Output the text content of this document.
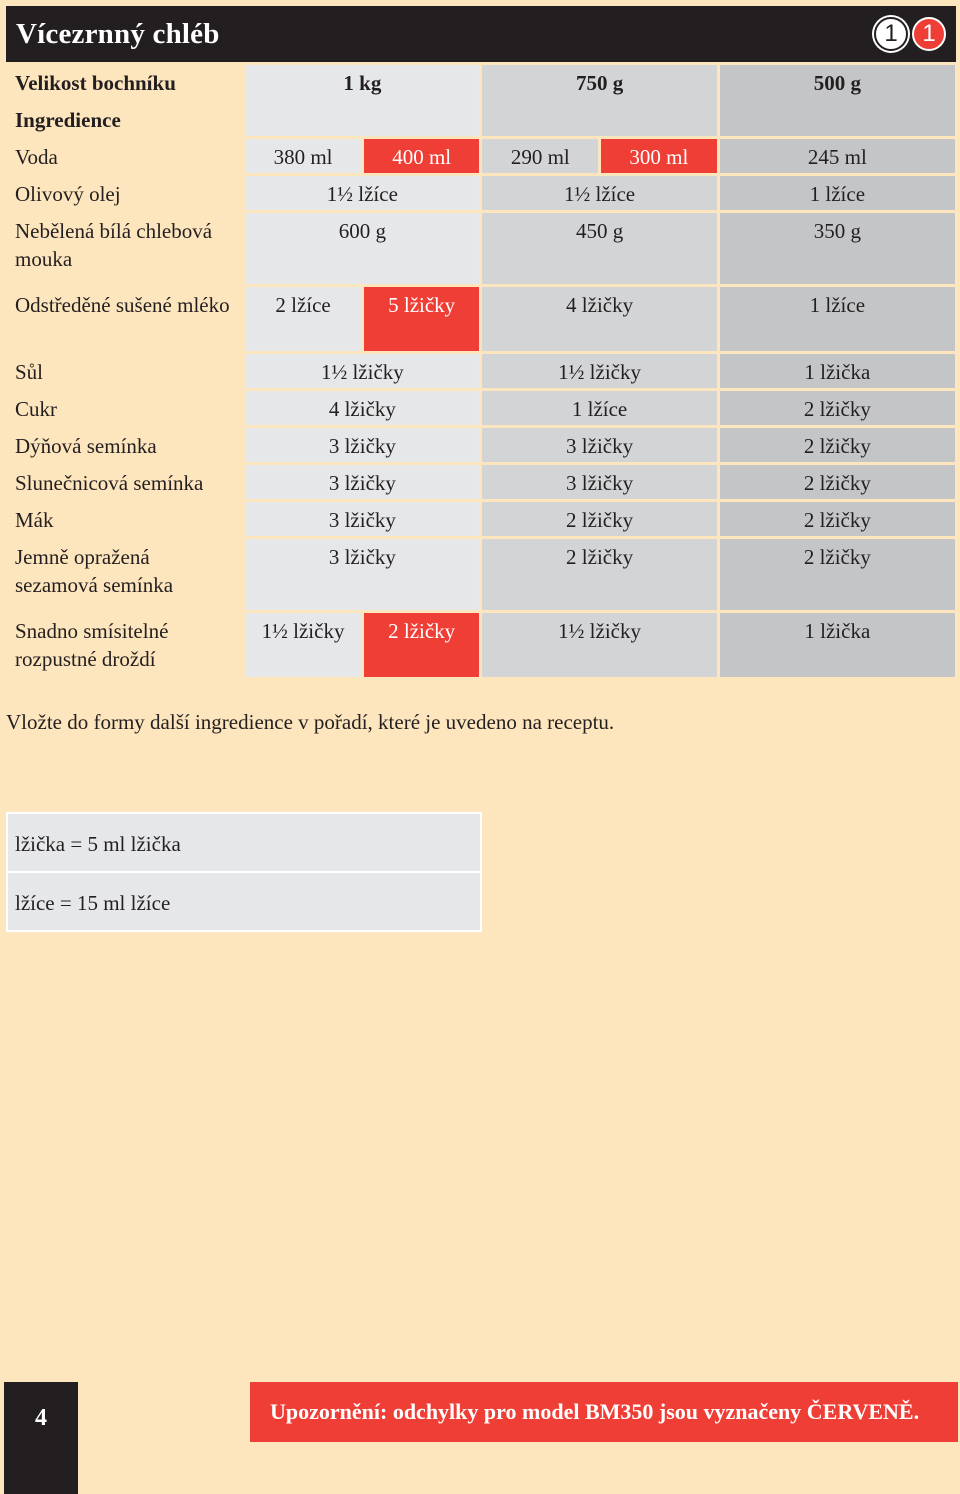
Vícezrnný chléb	1	1
Velikost bochníku	1 kg		750 g		500 g
Ingredience					
Voda	380 ml	400 ml	290 ml	300 ml	245 ml
Olivový olej	1½ lžíce		1½ lžíce		1 lžíce
Nebělená bílá chlebová mouka	600 g		450 g		350 g
Odstředěné sušené mléko	2 lžíce	5 lžičky	4 lžičky		1 lžíce
Sůl	1½ lžičky		1½ lžičky		1 lžička
Cukr	4 lžičky		1 lžíce		2 lžičky
Dýňová semínka	3 lžičky		3 lžičky		2 lžičky
Slunečnicová semínka	3 lžičky		3 lžičky		2 lžičky
Mák	3 lžičky		2 lžičky		2 lžičky
Jemně opražená sezamová semínka	3 lžičky		2 lžičky		2 lžičky
Snadno smísitelné rozpustné droždí	1½ lžičky	2 lžičky	1½ lžičky		1 lžička
Vložte do formy další ingredience v pořadí, které je uvedeno na receptu.
lžička = 5 ml lžička
lžíce = 15 ml lžíce
4	Upozornění: odchylky pro model BM350 jsou vyznačeny ČERVENĚ.
